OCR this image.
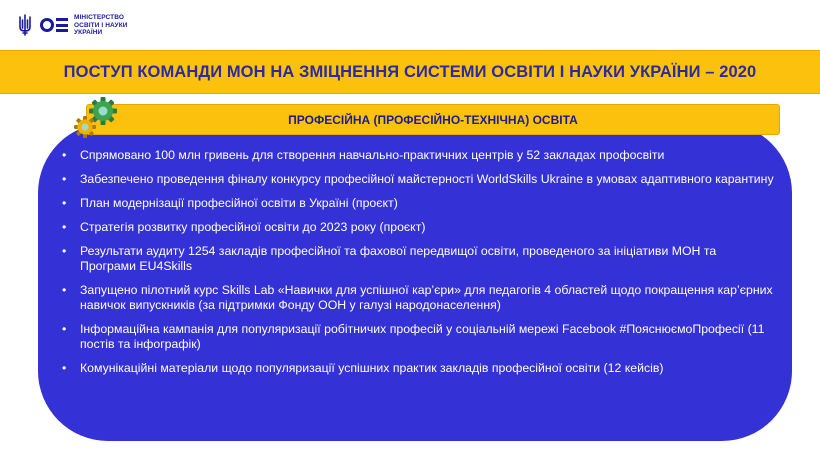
МІНІСТЕРСТВО
ОСВІТИ І НАУКИ
УКРАЇНИ
ПОСТУП КОМАНДИ МОН НА ЗМІЦНЕННЯ СИСТЕМИ ОСВІТИ І НАУКИ УКРАЇНИ – 2020
ПРОФЕСІЙНА (ПРОФЕСІЙНО-ТЕХНІЧНА) ОСВІТА
• Спрямовано 100 млн гривень для створення навчально-практичних центрів у 52 закладах профосвіти
• Забезпечено проведення фіналу конкурсу професійної майстерності WorldSkills Ukraine в умовах адаптивного карантину
• План модернізації професійної освіти в Україні (проєкт)
• Стратегія розвитку професійної освіти до 2023 року (проєкт)
• Результати аудиту 1254 закладів професійної та фахової передвищої освіти, проведеного за ініціативи МОН та Програми EU4Skills
• Запущено пілотний курс Skills Lab «Навички для успішної кар’єри» для педагогів 4 областей щодо покращення кар’єрних навичок випускників (за підтримки Фонду ООН у галузі народонаселення)
• Інформаційна кампанія для популяризації робітничих професій у соціальній мережі Facebook #ПояснюємоПрофесії (11 постів та інфографік)
• Комунікаційні матеріали щодо популяризації успішних практик закладів професійної освіти (12 кейсів)
